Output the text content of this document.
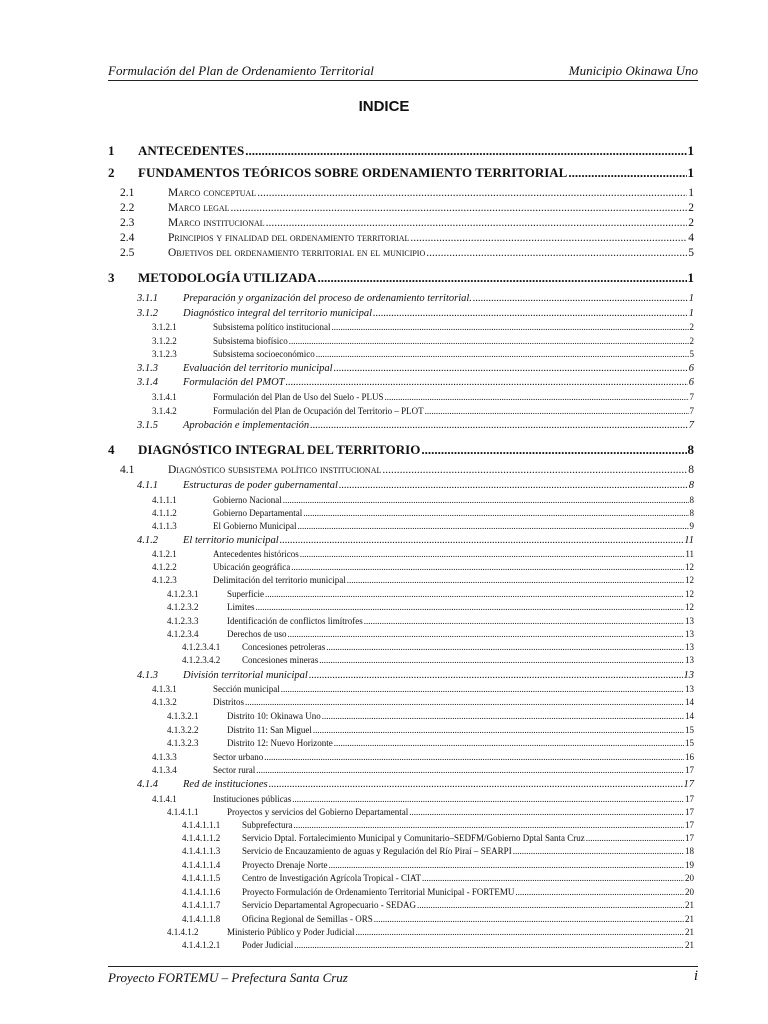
Formulación del Plan de Ordenamiento Territorial	Municipio Okinawa Uno
INDICE
1 ANTECEDENTES .....	1
2 FUNDAMENTOS TEÓRICOS SOBRE ORDENAMIENTO TERRITORIAL .....	1
2.1	Marco conceptual .....	1
2.2	Marco legal .....	2
2.3	Marco institucional .....	2
2.4	Principios y finalidad del ordenamiento territorial .....	4
2.5	Objetivos del ordenamiento territorial en el municipio .....	5
3 METODOLOGÍA UTILIZADA .....	1
3.1.1 Preparación y organización del proceso de ordenamiento territorial. .....	1
3.1.2 Diagnóstico integral del territorio municipal .....	1
3.1.2.1	Subsistema político institucional .....	2
3.1.2.2	Subsistema biofísico .....	2
3.1.2.3	Subsistema socioeconómico .....	5
3.1.3 Evaluación del territorio municipal .....	6
3.1.4 Formulación del PMOT .....	6
3.1.4.1	Formulación del Plan de Uso del Suelo - PLUS .....	7
3.1.4.2	Formulación del Plan de Ocupación del Territorio – PLOT .....	7
3.1.5 Aprobación e implementación .....	7
4 DIAGNÓSTICO INTEGRAL DEL TERRITORIO .....	8
4.1	Diagnóstico subsistema político institucional .....	8
4.1.1 Estructuras de poder gubernamental .....	8
4.1.1.1	Gobierno Nacional .....	8
4.1.1.2	Gobierno Departamental .....	8
4.1.1.3	El Gobierno Municipal .....	9
4.1.2 El territorio municipal .....	11
4.1.2.1	Antecedentes históricos .....	11
4.1.2.2	Ubicación geográfica .....	12
4.1.2.3	Delimitación del territorio municipal .....	12
4.1.2.3.1	Superficie .....	12
4.1.2.3.2	Limites .....	12
4.1.2.3.3	Identificación de conflictos limítrofes .....	13
4.1.2.3.4	Derechos de uso .....	13
4.1.2.3.4.1 Concesiones petroleras .....	13
4.1.2.3.4.2 Concesiones mineras .....	13
4.1.3 División territorial municipal .....	13
4.1.3.1	Sección municipal .....	13
4.1.3.2	Distritos .....	14
4.1.3.2.1	Distrito 10: Okinawa Uno .....	14
4.1.3.2.2	Distrito 11: San Miguel .....	15
4.1.3.2.3	Distrito 12: Nuevo Horizonte .....	15
4.1.3.3	Sector urbano .....	16
4.1.3.4	Sector rural .....	17
4.1.4 Red de instituciones .....	17
4.1.4.1	Instituciones públicas .....	17
4.1.4.1.1	Proyectos y servicios del Gobierno Departamental .....	17
4.1.4.1.1.1 Subprefectura .....	17
4.1.4.1.1.2 Servicio Dptal. Fortalecimiento Municipal y Comunitario–SEDFM/Gobierno Dptal Santa Cruz .....	17
4.1.4.1.1.3 Servicio de Encauzamiento de aguas y Regulación del Río Piraí – SEARPI .....	18
4.1.4.1.1.4 Proyecto Drenaje Norte .....	19
4.1.4.1.1.5 Centro de Investigación Agrícola Tropical - CIAT .....	20
4.1.4.1.1.6 Proyecto Formulación de Ordenamiento Territorial Municipal - FORTEMU .....	20
4.1.4.1.1.7 Servicio Departamental Agropecuario - SEDAG .....	21
4.1.4.1.1.8 Oficina Regional de Semillas - ORS .....	21
4.1.4.1.2	Ministerio Público y Poder Judicial .....	21
4.1.4.1.2.1 Poder Judicial .....	21
Proyecto FORTEMU – Prefectura Santa Cruz	i
